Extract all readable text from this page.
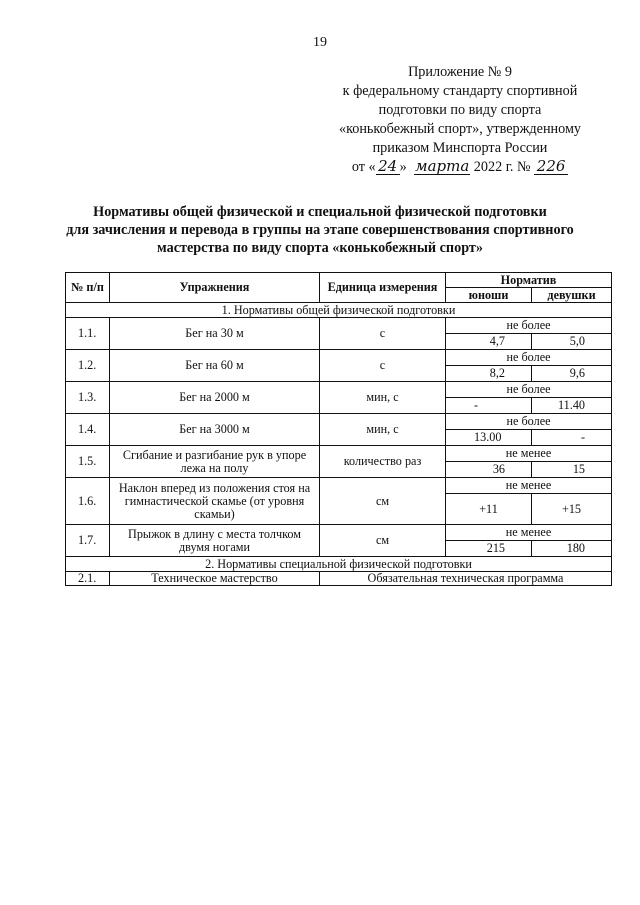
19
Приложение № 9
к федеральному стандарту спортивной
подготовки по виду спорта
«конькобежный спорт», утвержденному
приказом Минспорта России
от « 24 » марта 2022 г. № 226
Нормативы общей физической и специальной физической подготовки
для зачисления и перевода в группы на этапе совершенствования спортивного
мастерства по виду спорта «конькобежный спорт»
№ п/п	Упражнения	Единица измерения	Норматив	
			юноши	девушки
1. Нормативы общей физической подготовки				
1.1.	Бег на 30 м	с	не более	
			4,7	5,0
1.2.	Бег на 60 м	с	не более	
			8,2	9,6
1.3.	Бег на 2000 м	мин, с	не более	
			-	11.40
1.4.	Бег на 3000 м	мин, с	не более	
			13.00	-
1.5.	Сгибание и разгибание рук в упоре лежа на полу	количество раз	не менее	
			36	15
1.6.	Наклон вперед из положения стоя на гимнастической скамье (от уровня скамьи)	см	не менее	
			+11	+15
1.7.	Прыжок в длину с места толчком двумя ногами	см	не менее	
			215	180
2. Нормативы специальной физической подготовки				
2.1.	Техническое мастерство	Обязательная техническая программа		
